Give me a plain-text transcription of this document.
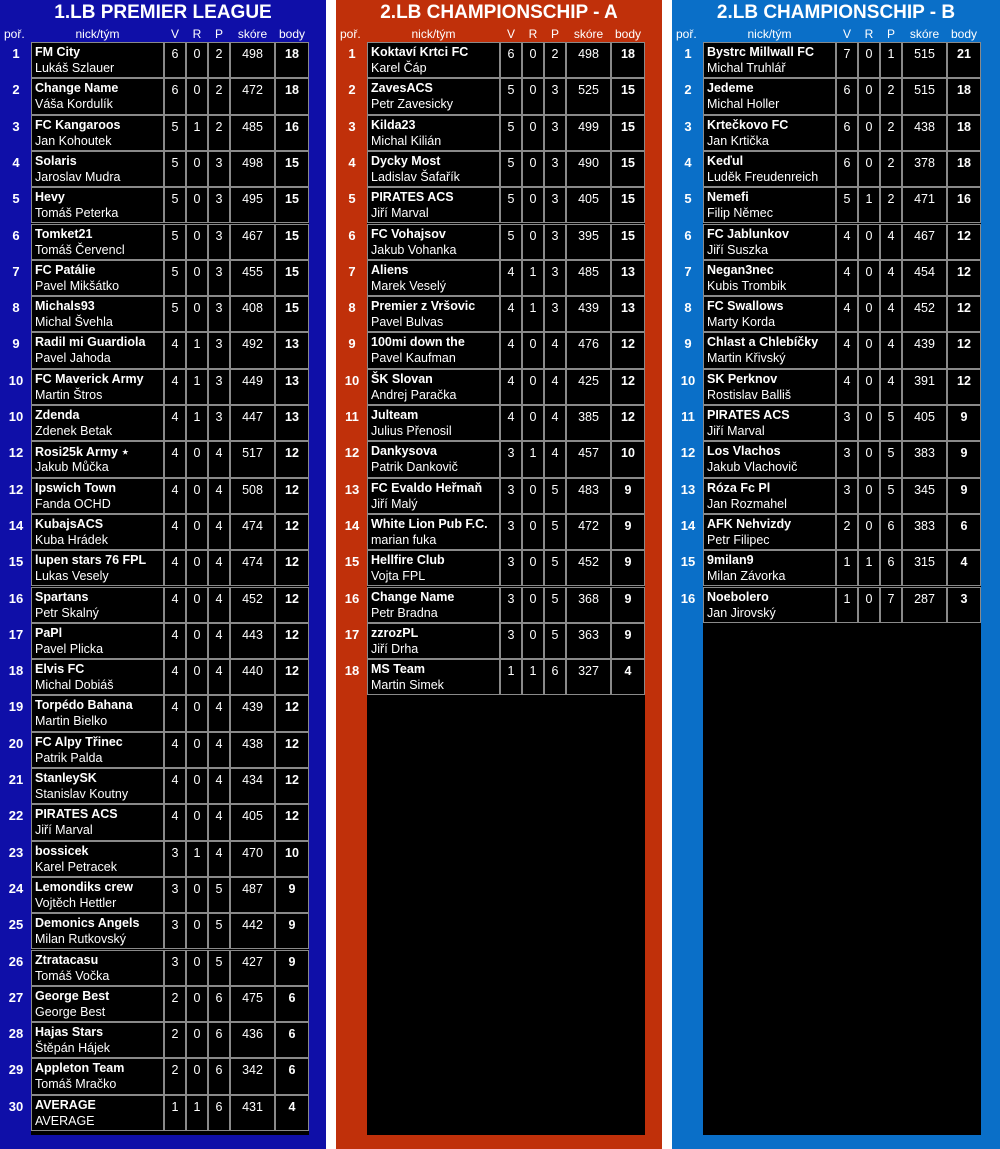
1.LB PREMIER LEAGUE
poř.	nick/tým	V	R	P	skóre body
1	FM City
Lukáš Szlauer
6	0	2	498	18
2	Change Name
Váša Kordulík
6	0	2	472	18
3	FC Kangaroos
Jan Kohoutek
5	1	2	485	16
4	Solaris
Jaroslav Mudra
5	0	3	498	15
5	Hevy
Tomáš Peterka
5	0	3	495	15
6	Tomket21
Tomáš Červencl
5	0	3	467	15
7	FC Patálie
Pavel Mikšátko
5	0	3	455	15
8	Michals93
Michal Švehla
5	0	3	408	15
9	Radil mi Guardiola
Pavel Jahoda
4	1	3	492	13
10 FC Maverick Army
Martin Štros
4	1	3	449	13
10 Zdenda
Zdenek Betak
4	1	3	447	13
12 Rosi25k Army ⋆
Jakub Můčka
4	0	4	517	12
12 Ipswich Town
Fanda OCHD
4	0	4	508	12
14 KubajsACS
Kuba Hrádek
4	0	4	474	12
15 lupen stars 76 FPL
Lukas Vesely
4	0	4	474	12
16 Spartans
Petr Skalný
4	0	4	452	12
17 PaPl
Pavel Plicka
4	0	4	443	12
18 Elvis FC
Michal Dobiáš
4	0	4	440	12
19 Torpédo Bahana
Martin Bielko
4	0	4	439	12
20 FC Alpy Třinec
Patrik Palda
4	0	4	438	12
21 StanleySK
Stanislav Koutny
4	0	4	434	12
22 PIRATES ACS
Jiří Marval
4	0	4	405	12
23 bossicek
Karel Petracek
3	1	4	470	10
24 Lemondiks crew
Vojtěch Hettler
3	0	5	487	9
25 Demonics Angels
Milan Rutkovský
3	0	5	442	9
26 Ztratacasu
Tomáš Vočka
3	0	5	427	9
27 George Best
George Best
2	0	6	475	6
28 Hajas Stars
Štěpán Hájek
2	0	6	436	6
29 Appleton Team
Tomáš Mračko
2	0	6	342	6
30 AVERAGE
AVERAGE
1	1	6	431	4
2.LB CHAMPIONSCHIP - A
poř.	nick/tým	V	R	P	skóre body
1	Koktaví Krtci FC
Karel Čáp
6	0	2	498	18
2	ZavesACS
Petr Zavesicky
5	0	3	525	15
3	Kilda23
Michal Kilián
5	0	3	499	15
4	Dycky Most
Ladislav Šafařík
5	0	3	490	15
5	PIRATES ACS
Jiří Marval
5	0	3	405	15
6	FC Vohajsov
Jakub Vohanka
5	0	3	395	15
7	Aliens
Marek Veselý
4	1	3	485	13
8	Premier z Vršovic
Pavel Bulvas
4	1	3	439	13
9	100mi down the
Pavel Kaufman
4	0	4	476	12
10 ŠK Slovan
Andrej Paračka
4	0	4	425	12
11 Julteam
Julius Přenosil
4	0	4	385	12
12 Dankysova
Patrik Dankovič
3	1	4	457	10
13 FC Evaldo Heřmaň
Jiří Malý
3	0	5	483	9
14 White Lion Pub F.C.
marian fuka
3	0	5	472	9
15 Hellfire Club
Vojta FPL
3	0	5	452	9
16 Change Name
Petr Bradna
3	0	5	368	9
17 zzrozPL
Jiří Drha
3	0	5	363	9
18 MS Team
Martin Simek
1	1	6	327	4
2.LB CHAMPIONSCHIP - B
poř.	nick/tým	V	R	P	skóre body
1	Bystrc Millwall FC
Michal Truhlář
7	0	1	515	21
2	Jedeme
Michal Holler
6	0	2	515	18
3	Krtečkovo FC
Jan Krtička
6	0	2	438	18
4	Keďul
Luděk Freudenreich
6	0	2	378	18
5	Nemefi
Filip Němec
5	1	2	471	16
6	FC Jablunkov
Jiří Suszka
4	0	4	467	12
7	Negan3nec
Kubis Trombik
4	0	4	454	12
8	FC Swallows
Marty Korda
4	0	4	452	12
9	Chlast a Chlebíčky
Martin Křivský
4	0	4	439	12
10 SK Perknov
Rostislav Balliš
4	0	4	391	12
11 PIRATES ACS
Jiří Marval
3	0	5	405	9
12 Los Vlachos
Jakub Vlachovič
3	0	5	383	9
13 Róza Fc Pl
Jan Rozmahel
3	0	5	345	9
14 AFK Nehvizdy
Petr Filipec
2	0	6	383	6
15 9milan9
Milan Závorka
1	1	6	315	4
16 Noebolero
Jan Jirovský
1	0	7	287	3
